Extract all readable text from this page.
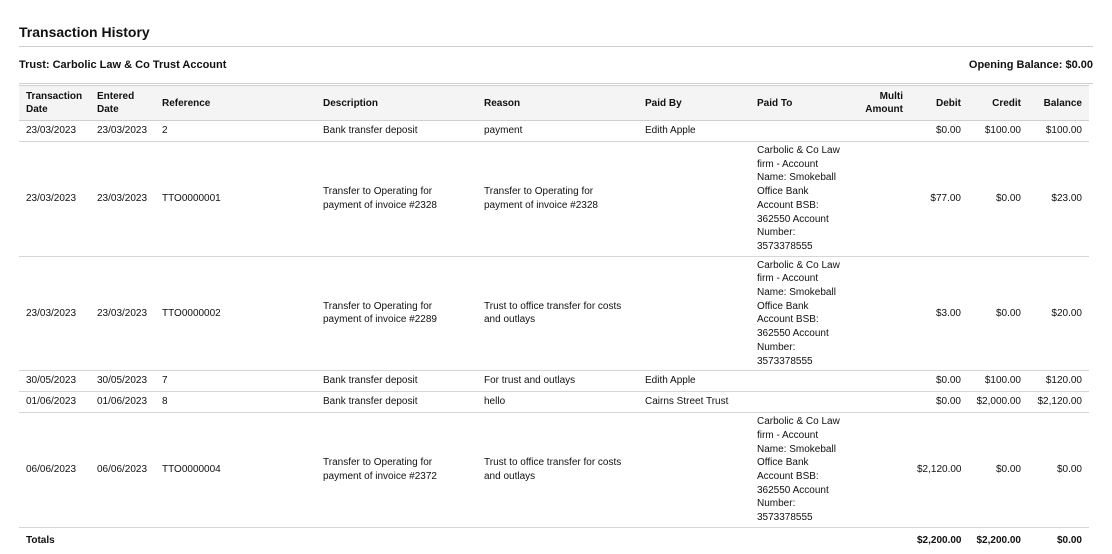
Transaction History
Trust: Carbolic Law & Co Trust Account	Opening Balance: $0.00
Transaction Date	Entered Date	Reference	Description	Reason	Paid By	Paid To	Multi Amount	Debit	Credit	Balance
23/03/2023	23/03/2023	2	Bank transfer deposit	payment	Edith Apple			$0.00	$100.00	$100.00
23/03/2023	23/03/2023	TTO0000001	Transfer to Operating for payment of invoice #2328	Transfer to Operating for payment of invoice #2328		Carbolic & Co Law firm - Account Name: Smokeball Office Bank Account BSB: 362550 Account Number: 3573378555		$77.00	$0.00	$23.00
23/03/2023	23/03/2023	TTO0000002	Transfer to Operating for payment of invoice #2289	Trust to office transfer for costs and outlays		Carbolic & Co Law firm - Account Name: Smokeball Office Bank Account BSB: 362550 Account Number: 3573378555		$3.00	$0.00	$20.00
30/05/2023	30/05/2023	7	Bank transfer deposit	For trust and outlays	Edith Apple			$0.00	$100.00	$120.00
01/06/2023	01/06/2023	8	Bank transfer deposit	hello	Cairns Street Trust			$0.00	$2,000.00	$2,120.00
06/06/2023	06/06/2023	TTO0000004	Transfer to Operating for payment of invoice #2372	Trust to office transfer for costs and outlays		Carbolic & Co Law firm - Account Name: Smokeball Office Bank Account BSB: 362550 Account Number: 3573378555		$2,120.00	$0.00	$0.00
Totals								$2,200.00	$2,200.00	$0.00
